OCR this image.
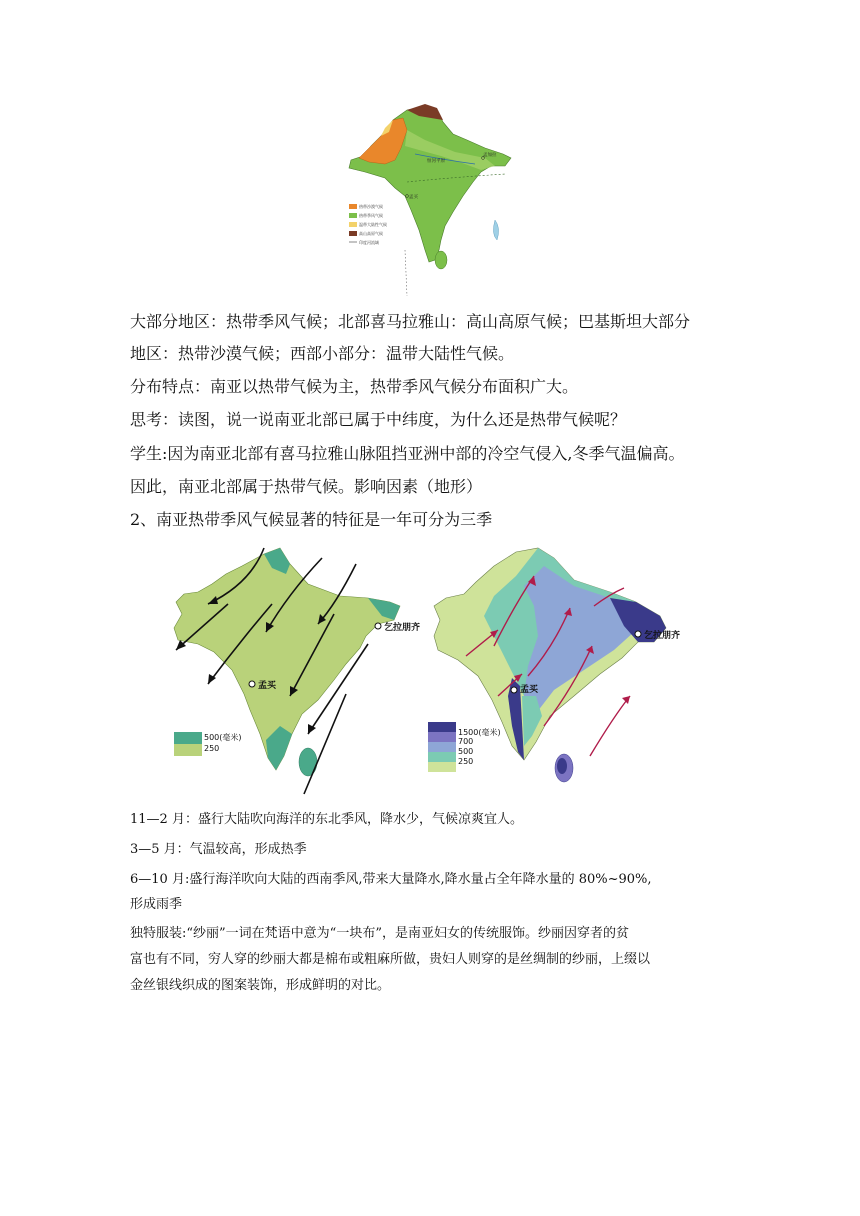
恒河平原
孟加拉
孟买
热带沙漠气候
热带季风气候
温带大陆性气候
高山高原气候
印度河流域

大部分地区：热带季风气候；北部喜马拉雅山：高山高原气候；巴基斯坦大部分

地区：热带沙漠气候；西部小部分：温带大陆性气候。

分布特点：南亚以热带气候为主，热带季风气候分布面积广大。

思考：读图，说一说南亚北部已属于中纬度，为什么还是热带气候呢？

学生:因为南亚北部有喜马拉雅山脉阻挡亚洲中部的冷空气侵入,冬季气温偏高。

因此，南亚北部属于热带气候。影响因素（地形）

2、南亚热带季风气候显著的特征是一年可分为三季

乞拉朋齐
孟买
500(毫米)
250
乞拉朋齐
孟买
1500(毫米)
700
500
250

11—2 月：盛行大陆吹向海洋的东北季风，降水少，气候凉爽宜人。

3—5 月：气温较高，形成热季

6—10 月:盛行海洋吹向大陆的西南季风,带来大量降水,降水量占全年降水量的 80%~90%,

形成雨季

独特服装:“纱丽”一词在梵语中意为“一块布”，是南亚妇女的传统服饰。纱丽因穿者的贫

富也有不同，穷人穿的纱丽大都是棉布或粗麻所做，贵妇人则穿的是丝绸制的纱丽，上缀以

金丝银线织成的图案装饰，形成鲜明的对比。
